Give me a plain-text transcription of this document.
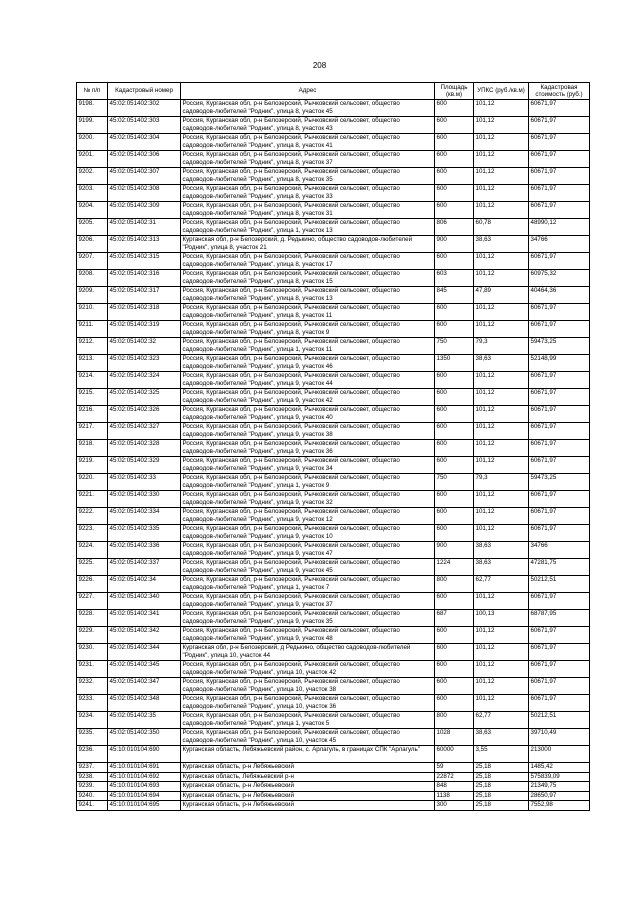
208
№ п/п	Кадастровый номер	Адрес	Площадь (кв.м)	УПКС (руб./кв.м)	Кадастровая стоимость (руб.)
9198.	45:02:051402:302	Россия, Курганская обл, р-н Белозерский, Рычковский сельсовет, общество садоводов-любителей "Родник", улица 8, участок 45	600	101,12	60671,97
9199.	45:02:051402:303	Россия, Курганская обл, р-н Белозерский, Рычковский сельсовет, общество садоводов-любителей "Родник", улица 8, участок 43	600	101,12	60671,97
9200.	45:02:051402:304	Россия, Курганская обл, р-н Белозерский, Рычковский сельсовет, общество садоводов-любителей "Родник", улица 8, участок 41	600	101,12	60671,97
9201.	45:02:051402:306	Россия, Курганская обл, р-н Белозерский, Рычковский сельсовет, общество садоводов-любителей "Родник", улица 8, участок 37	600	101,12	60671,97
9202.	45:02:051402:307	Россия, Курганская обл, р-н Белозерский, Рычковский сельсовет, общество садоводов-любителей "Родник", улица 8, участок 35	600	101,12	60671,97
9203.	45:02:051402:308	Россия, Курганская обл, р-н Белозерский, Рычковский сельсовет, общество садоводов-любителей "Родник", улица 8, участок 33	600	101,12	60671,97
9204.	45:02:051402:309	Россия, Курганская обл, р-н Белозерский, Рычковский сельсовет, общество садоводов-любителей "Родник", улица 8, участок 31	600	101,12	60671,97
9205.	45:02:051402:31	Россия, Курганская обл, р-н Белозерский, Рычковский сельсовет, общество садоводов-любителей "Родник", улица 1, участок 13	806	60,78	48990,12
9206.	45:02:051402:313	Курганская обл, р-н Белозерский, д. Редькино, общество садоводов-любителей "Родник", улица 8, участок 21	900	38,63	34766
9207.	45:02:051402:315	Россия, Курганская обл, р-н Белозерский, Рычковский сельсовет, общество садоводов-любителей "Родник", улица 8, участок 17	600	101,12	60671,97
9208.	45:02:051402:316	Россия, Курганская обл, р-н Белозерский, Рычковский сельсовет, общество садоводов-любителей "Родник", улица 8, участок 15	603	101,12	60975,32
9209.	45:02:051402:317	Россия, Курганская обл, р-н Белозерский, Рычковский сельсовет, общество садоводов-любителей "Родник", улица 8, участок 13	845	47,89	40464,36
9210.	45:02:051402:318	Россия, Курганская обл, р-н Белозерский, Рычковский сельсовет, общество садоводов-любителей "Родник", улица 8, участок 11	600	101,12	60671,97
9211.	45:02:051402:319	Россия, Курганская обл, р-н Белозерский, Рычковский сельсовет, общество садоводов-любителей "Родник", улица 8, участок 9	600	101,12	60671,97
9212.	45:02:051402:32	Россия, Курганская обл, р-н Белозерский, Рычковский сельсовет, общество садоводов-любителей "Родник", улица 1, участок 11	750	79,3	59473,25
9213.	45:02:051402:323	Россия, Курганская обл, р-н Белозерский, Рычковский сельсовет, общество садоводов-любителей "Родник", улица 9, участок 46	1350	38,63	52148,99
9214.	45:02:051402:324	Россия, Курганская обл, р-н Белозерский, Рычковский сельсовет, общество садоводов-любителей "Родник", улица 9, участок 44	600	101,12	60671,97
9215.	45:02:051402:325	Россия, Курганская обл, р-н Белозерский, Рычковский сельсовет, общество садоводов-любителей "Родник", улица 9, участок 42	600	101,12	60671,97
9216.	45:02:051402:326	Россия, Курганская обл, р-н Белозерский, Рычковский сельсовет, общество садоводов-любителей "Родник", улица 9, участок 40	600	101,12	60671,97
9217.	45:02:051402:327	Россия, Курганская обл, р-н Белозерский, Рычковский сельсовет, общество садоводов-любителей "Родник", улица 9, участок 38	600	101,12	60671,97
9218.	45:02:051402:328	Россия, Курганская обл, р-н Белозерский, Рычковский сельсовет, общество садоводов-любителей "Родник", улица 9, участок 36	600	101,12	60671,97
9219.	45:02:051402:329	Россия, Курганская обл, р-н Белозерский, Рычковский сельсовет, общество садоводов-любителей "Родник", улица 9, участок 34	600	101,12	60671,97
9220.	45:02:051402:33	Россия, Курганская обл, р-н Белозерский, Рычковский сельсовет, общество садоводов-любителей "Родник", улица 1, участок 9	750	79,3	59473,25
9221.	45:02:051402:330	Россия, Курганская обл, р-н Белозерский, Рычковский сельсовет, общество садоводов-любителей "Родник", улица 9, участок 32	600	101,12	60671,97
9222.	45:02:051402:334	Россия, Курганская обл, р-н Белозерский, Рычковский сельсовет, общество садоводов-любителей "Родник", улица 9, участок 12	600	101,12	60671,97
9223.	45:02:051402:335	Россия, Курганская обл, р-н Белозерский, Рычковский сельсовет, общество садоводов-любителей "Родник", улица 9, участок 10	600	101,12	60671,97
9224.	45:02:051402:336	Россия, Курганская обл, р-н Белозерский, Рычковский сельсовет, общество садоводов-любителей "Родник", улица 9, участок 47	900	38,63	34766
9225.	45:02:051402:337	Россия, Курганская обл, р-н Белозерский, Рычковский сельсовет, общество садоводов-любителей "Родник", улица 9, участок 45	1224	38,63	47281,75
9226.	45:02:051402:34	Россия, Курганская обл, р-н Белозерский, Рычковский сельсовет, общество садоводов-любителей "Родник", улица 1, участок 7	800	62,77	50212,51
9227.	45:02:051402:340	Россия, Курганская обл, р-н Белозерский, Рычковский сельсовет, общество садоводов-любителей "Родник", улица 9, участок 37	600	101,12	60671,97
9228.	45:02:051402:341	Россия, Курганская обл, р-н Белозерский, Рычковский сельсовет, общество садоводов-любителей "Родник", улица 9, участок 35	687	100,13	68787,95
9229.	45:02:051402:342	Россия, Курганская обл, р-н Белозерский, Рычковский сельсовет, общество садоводов-любителей "Родник", улица 9, участок 48	600	101,12	60671,97
9230.	45:02:051402:344	Курганская обл, р-н Белозерский, д Редькино, общество садоводов-любителей "Родник", улица 10, участок 44	600	101,12	60671,97
9231.	45:02:051402:345	Россия, Курганская обл, р-н Белозерский, Рычковский сельсовет, общество садоводов-любителей "Родник", улица 10, участок 42	600	101,12	60671,97
9232.	45:02:051402:347	Россия, Курганская обл, р-н Белозерский, Рычковский сельсовет, общество садоводов-любителей "Родник", улица 10, участок 38	600	101,12	60671,97
9233.	45:02:051402:348	Россия, Курганская обл, р-н Белозерский, Рычковский сельсовет, общество садоводов-любителей "Родник", улица 10, участок 36	600	101,12	60671,97
9234.	45:02:051402:35	Россия, Курганская обл, р-н Белозерский, Рычковский сельсовет, общество садоводов-любителей "Родник", улица 1, участок 5	800	62,77	50212,51
9235.	45:02:051402:350	Россия, Курганская обл, р-н Белозерский, Рычковский сельсовет, общество садоводов-любителей "Родник", улица 10, участок 45	1028	38,63	39710,49
9236.	45:10:010104:690	Курганская область, Лебяжьевский район, с. Арлагуль, в границах СПК "Арлагуль"	60000	3,55	213000
9237.	45:10:010104:691	Курганская область, р-н Лебяжьевский	59	25,18	1485,42
9238.	45:10:010104:692	Курганская область, Лебяжьевский р-н	22872	25,18	575839,09
9239.	45:10:010104:693	Курганская область, р-н Лебяжьевский	848	25,18	21349,75
9240.	45:10:010104:694	Курганская область, р-н Лебяжьевский	1138	25,18	28650,97
9241.	45:10:010104:695	Курганская область, р-н Лебяжьевский	300	25,18	7552,98
